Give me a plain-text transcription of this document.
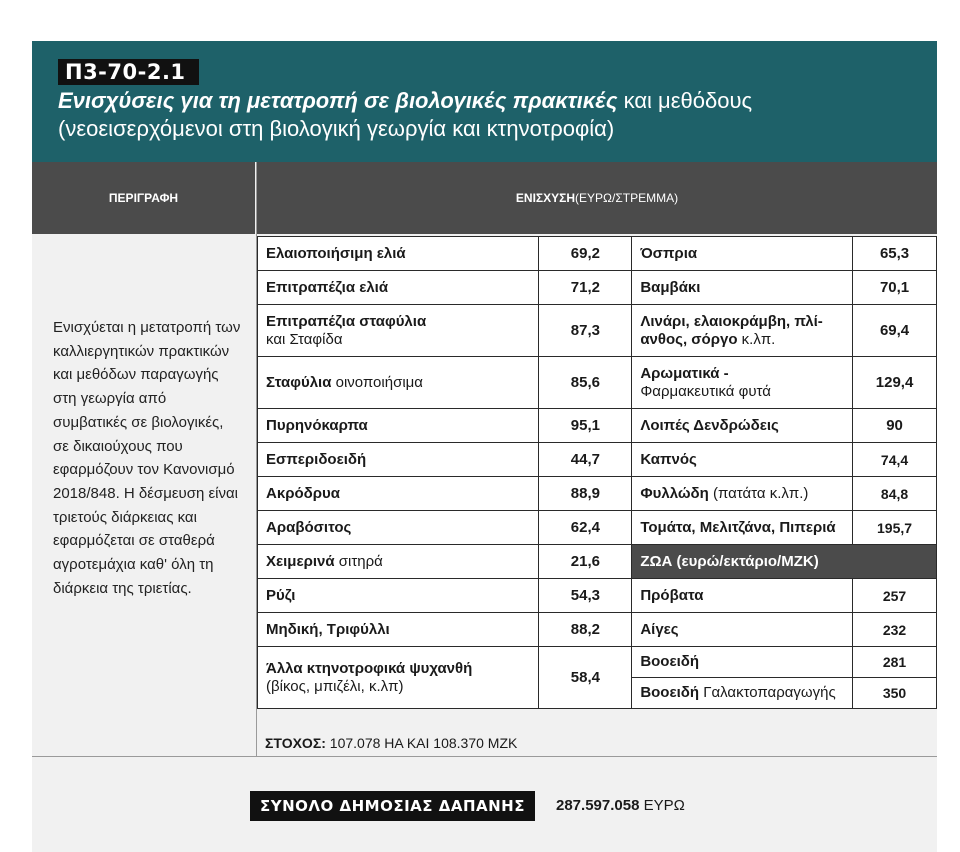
Π3-70-2.1
Ενισχύσεις για τη μετατροπή σε βιολογικές πρακτικές και μεθόδους (νεοεισερχόμενοι στη βιολογική γεωργία και κτηνοτροφία)
ΠΕΡΙΓΡΑΦΗ	ΕΝΙΣΧΥΣΗ (ΕΥΡΩ/ΣΤΡΕΜΜΑ)
Ενισχύεται η μετατροπή των καλλιεργητικών πρακτικών και μεθόδων παραγωγής στη γεωργία από συμβατικές σε βιολογικές, σε δικαιούχους που εφαρμόζουν τον Κανονισμό 2018/848. Η δέσμευση είναι τριετούς διάρκειας και εφαρμόζεται σε σταθερά αγροτεμάχια καθ' όλη τη διάρκεια της τριετίας.
Ελαιοποιήσιμη ελιά	69,2	Όσπρια	65,3
Επιτραπέζια ελιά	71,2	Βαμβάκι	70,1
Επιτραπέζια σταφύλια
και Σταφίδα	87,3	Λινάρι, ελαιοκράμβη, πλί-ανθος, σόργο κ.λπ.	69,4
Σταφύλια οινοποιήσιμα	85,6	Αρωματικά -
Φαρμακευτικά φυτά	129,4
Πυρηνόκαρπα	95,1	Λοιπές Δενδρώδεις	90
Εσπεριδοειδή	44,7	Καπνός	74,4
Ακρόδρυα	88,9	Φυλλώδη (πατάτα κ.λπ.)	84,8
Αραβόσιτος	62,4	Τομάτα, Μελιτζάνα, Πιπεριά	195,7
Χειμερινά σιτηρά	21,6	ΖΩΑ (ευρώ/εκτάριο/ΜΖΚ)	
Ρύζι	54,3	Πρόβατα	257
Μηδική, Τριφύλλι	88,2	Αίγες	232
Άλλα κτηνοτροφικά ψυχανθή
(βίκος, μπιζέλι, κ.λπ)	58,4	Βοοειδή	281
		Βοοειδή Γαλακτοπαραγωγής	350
ΣΤΟΧΟΣ: 107.078 ΗΑ ΚΑΙ 108.370 ΜΖΚ
ΣΥΝΟΛΟ ΔΗΜΟΣΙΑΣ ΔΑΠΑΝΗΣ	287.597.058 ΕΥΡΩ
